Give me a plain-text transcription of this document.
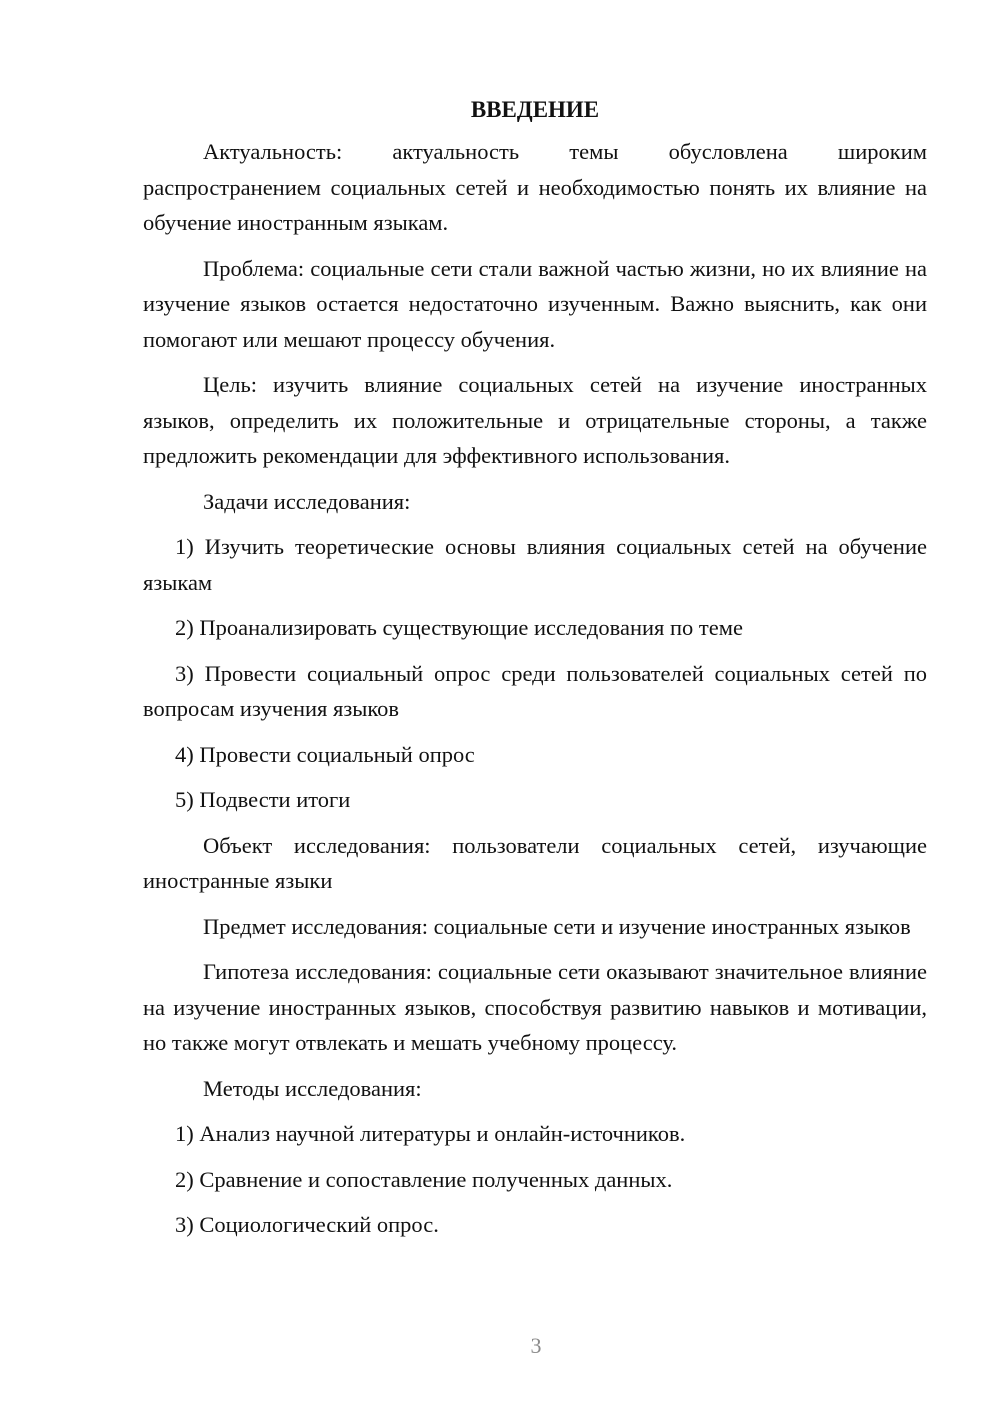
ВВЕДЕНИЕ

Актуальность: актуальность темы обусловлена широким распространением социальных сетей и необходимостью понять их влияние на обучение иностранным языкам.

Проблема: социальные сети стали важной частью жизни, но их влияние на изучение языков остается недостаточно изученным. Важно выяснить, как они помогают или мешают процессу обучения.

Цель: изучить влияние социальных сетей на изучение иностранных языков, определить их положительные и отрицательные стороны, а также предложить рекомендации для эффективного использования.

Задачи исследования:

1) Изучить теоретические основы влияния социальных сетей на обучение языкам

2) Проанализировать существующие исследования по теме

3) Провести социальный опрос среди пользователей социальных сетей по вопросам изучения языков

4) Провести социальный опрос

5) Подвести итоги

Объект исследования: пользователи социальных сетей, изучающие иностранные языки

Предмет исследования: социальные сети и изучение иностранных языков

Гипотеза исследования: социальные сети оказывают значительное влияние на изучение иностранных языков, способствуя развитию навыков и мотивации, но также могут отвлекать и мешать учебному процессу.

Методы исследования:

1) Анализ научной литературы и онлайн-источников.

2) Сравнение и сопоставление полученных данных.

3) Социологический опрос.

3
